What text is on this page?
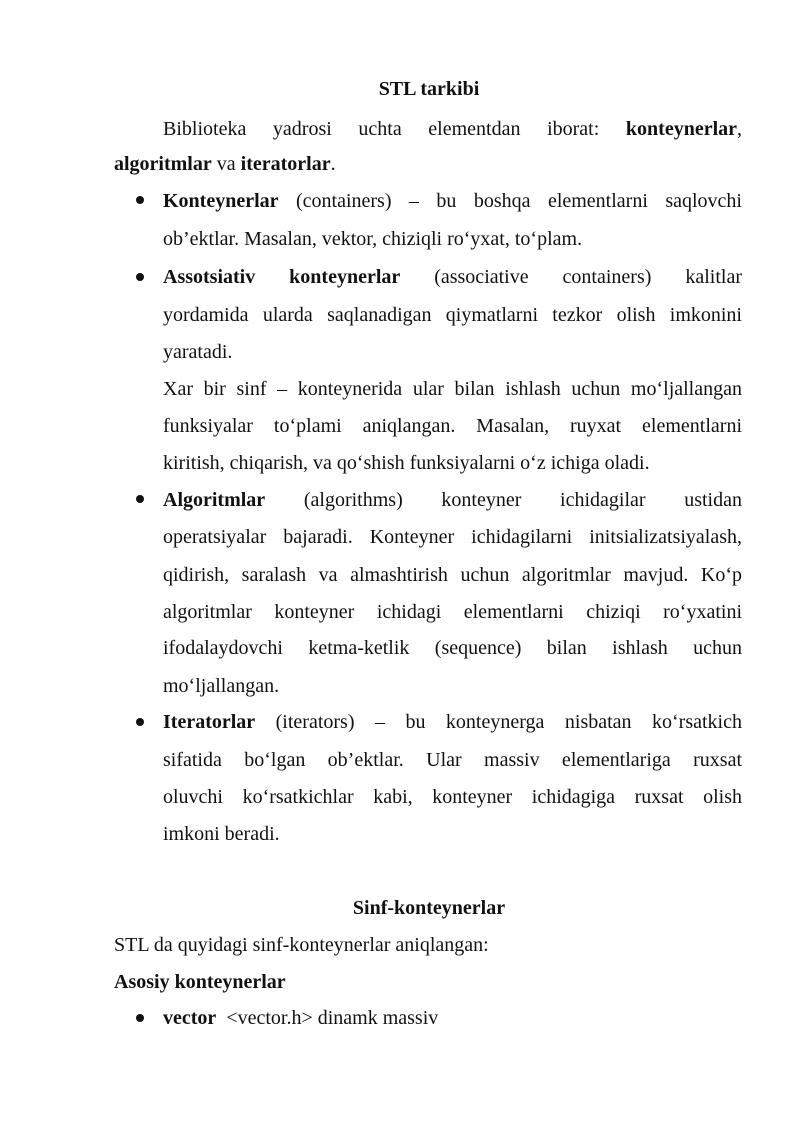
STL tarkibi
Biblioteka yadrosi uchta elementdan iborat: konteynerlar,
algoritmlar va iteratorlar.
Konteynerlar (containers) – bu boshqa elementlarni saqlovchi
ob’ektlar. Masalan, vektor, chiziqli ro‘yxat, to‘plam.
Assotsiativ konteynerlar (associative containers) kalitlar
yordamida ularda saqlanadigan qiymatlarni tezkor olish imkonini
yaratadi.
Xar bir sinf – konteynerida ular bilan ishlash uchun mo‘ljallangan
funksiyalar to‘plami aniqlangan. Masalan, ruyxat elementlarni
kiritish, chiqarish, va qo‘shish funksiyalarni o‘z ichiga oladi.
Algoritmlar (algorithms) konteyner ichidagilar ustidan
operatsiyalar bajaradi. Konteyner ichidagilarni initsializatsiyalash,
qidirish, saralash va almashtirish uchun algoritmlar mavjud. Ko‘p
algoritmlar konteyner ichidagi elementlarni chiziqi ro‘yxatini
ifodalaydovchi ketma-ketlik (sequence) bilan ishlash uchun
mo‘ljallangan.
Iteratorlar (iterators) – bu konteynerga nisbatan ko‘rsatkich
sifatida bo‘lgan ob’ektlar. Ular massiv elementlariga ruxsat
oluvchi ko‘rsatkichlar kabi, konteyner ichidagiga ruxsat olish
imkoni beradi.
Sinf-konteynerlar
STL da quyidagi sinf-konteynerlar aniqlangan:
Asosiy konteynerlar
vector  <vector.h> dinamk massiv
